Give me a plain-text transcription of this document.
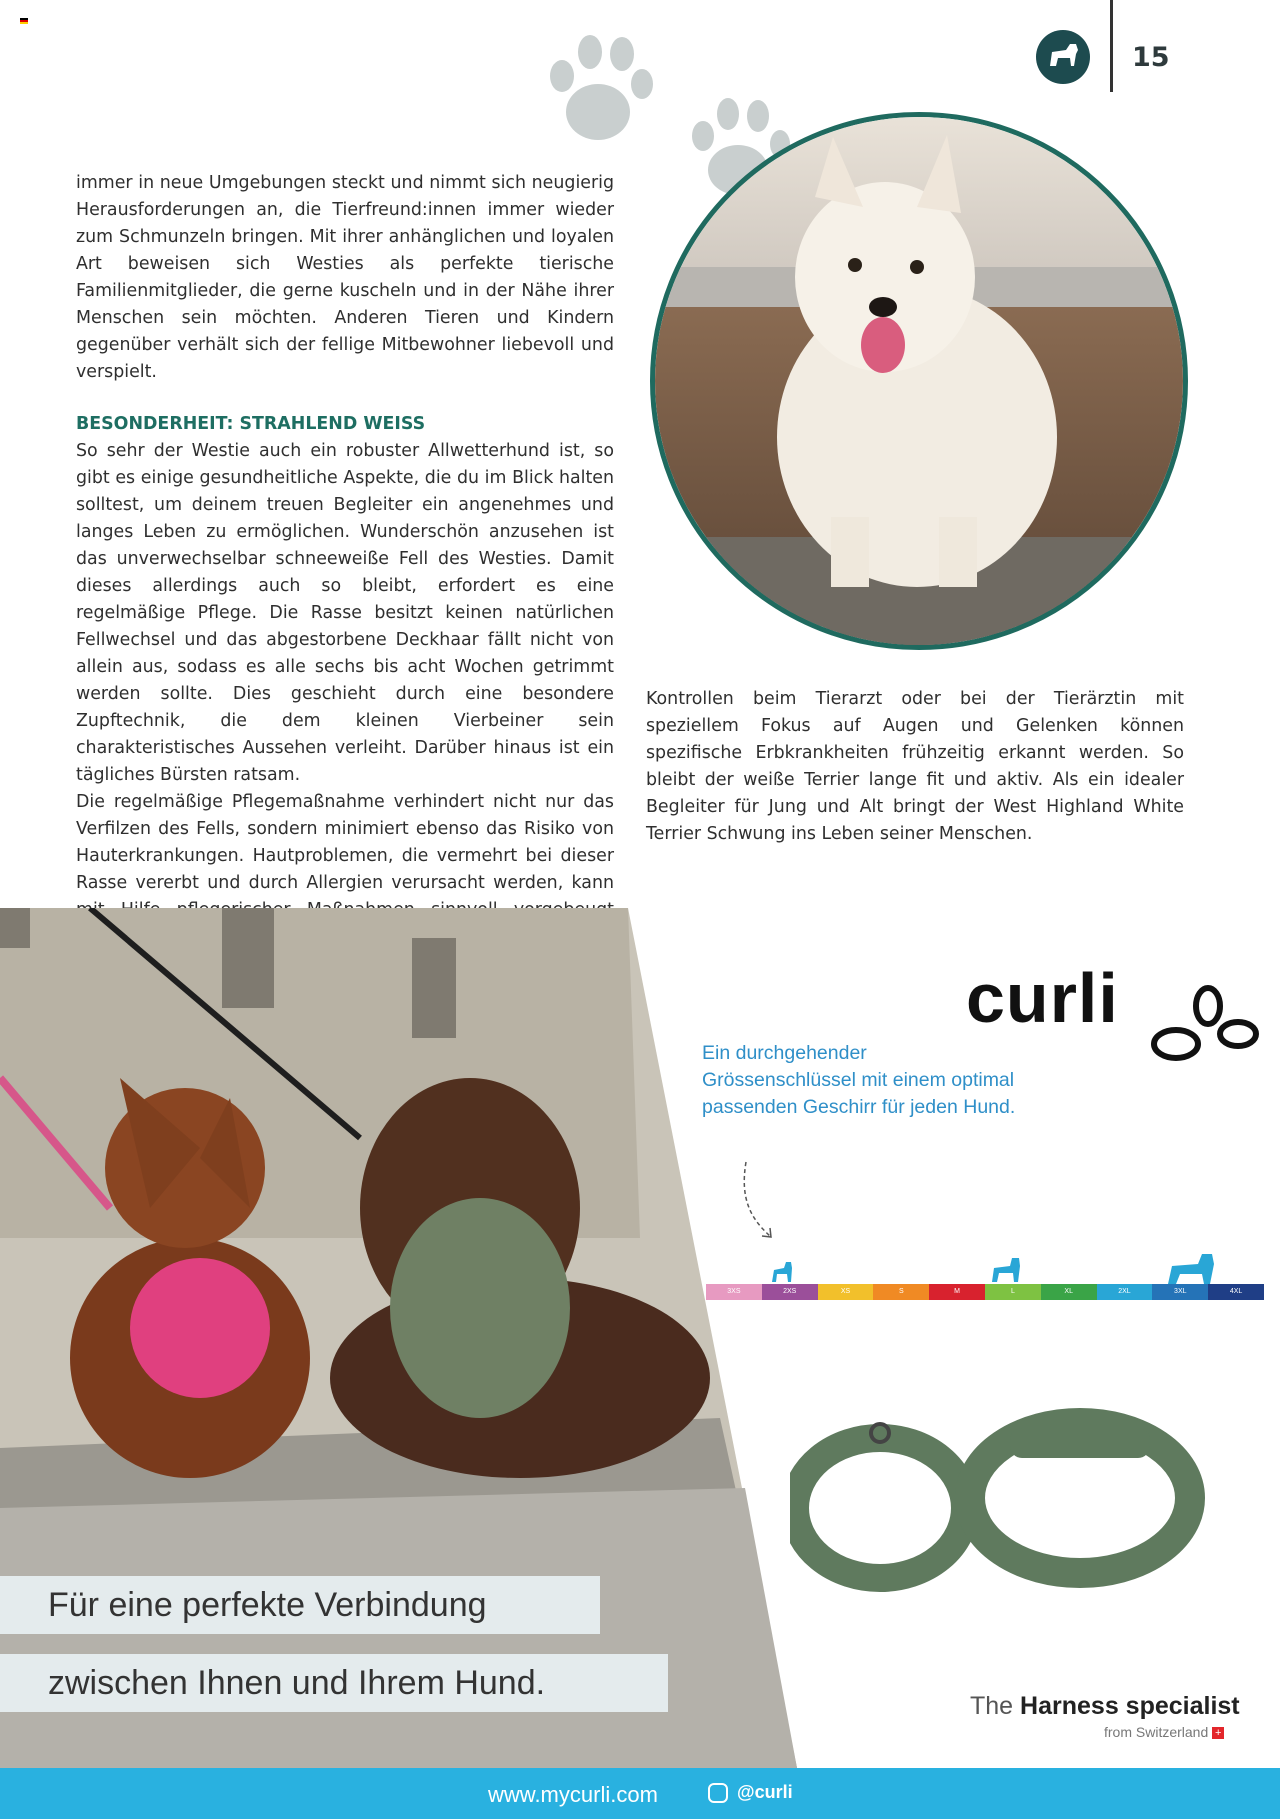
15

immer in neue Umgebungen steckt und nimmt sich neugierig Herausforderungen an, die Tierfreund:innen immer wieder zum Schmunzeln bringen. Mit ihrer anhänglichen und loyalen Art beweisen sich Westies als perfekte tierische Familienmitglieder, die gerne kuscheln und in der Nähe ihrer Menschen sein möchten. Anderen Tieren und Kindern gegenüber verhält sich der fellige Mitbewohner liebevoll und verspielt.

BESONDERHEIT: STRAHLEND WEISS

So sehr der Westie auch ein robuster Allwetterhund ist, so gibt es einige gesundheitliche Aspekte, die du im Blick halten solltest, um deinem treuen Begleiter ein angenehmes und langes Leben zu ermöglichen. Wunderschön anzusehen ist das unverwechselbar schneeweiße Fell des Westies. Damit dieses allerdings auch so bleibt, erfordert es eine regelmäßige Pflege. Die Rasse besitzt keinen natürlichen Fellwechsel und das abgestorbene Deckhaar fällt nicht von allein aus, sodass es alle sechs bis acht Wochen getrimmt werden sollte. Dies geschieht durch eine besondere Zupftechnik, die dem kleinen Vierbeiner sein charakteristisches Aussehen verleiht. Darüber hinaus ist ein tägliches Bürsten ratsam.

Die regelmäßige Pflegemaßnahme verhindert nicht nur das Verfilzen des Fells, sondern minimiert ebenso das Risiko von Hauterkrankungen. Hautproblemen, die vermehrt bei dieser Rasse vererbt und durch Allergien verursacht werden, kann

Kontrollen beim Tierarzt oder bei der Tierärztin mit speziellem Fokus auf Augen und Gelenken können spezifische Erbkrankheiten frühzeitig erkannt werden. So bleibt der weiße Terrier lange fit und aktiv. Als ein idealer Begleiter für Jung und Alt bringt der West Highland White Terrier Schwung ins Leben seiner Menschen.

Für eine perfekte Verbindung
zwischen Ihnen und Ihrem Hund.
curli
Ein durchgehender Grössenschlüssel mit einem optimal passenden Geschirr für jeden Hund.
3XS	2XS	XS	S	M	L	XL	2XL	3XL	4XL
The Harness specialist
from Switzerland +
www.mycurli.com	@curli
